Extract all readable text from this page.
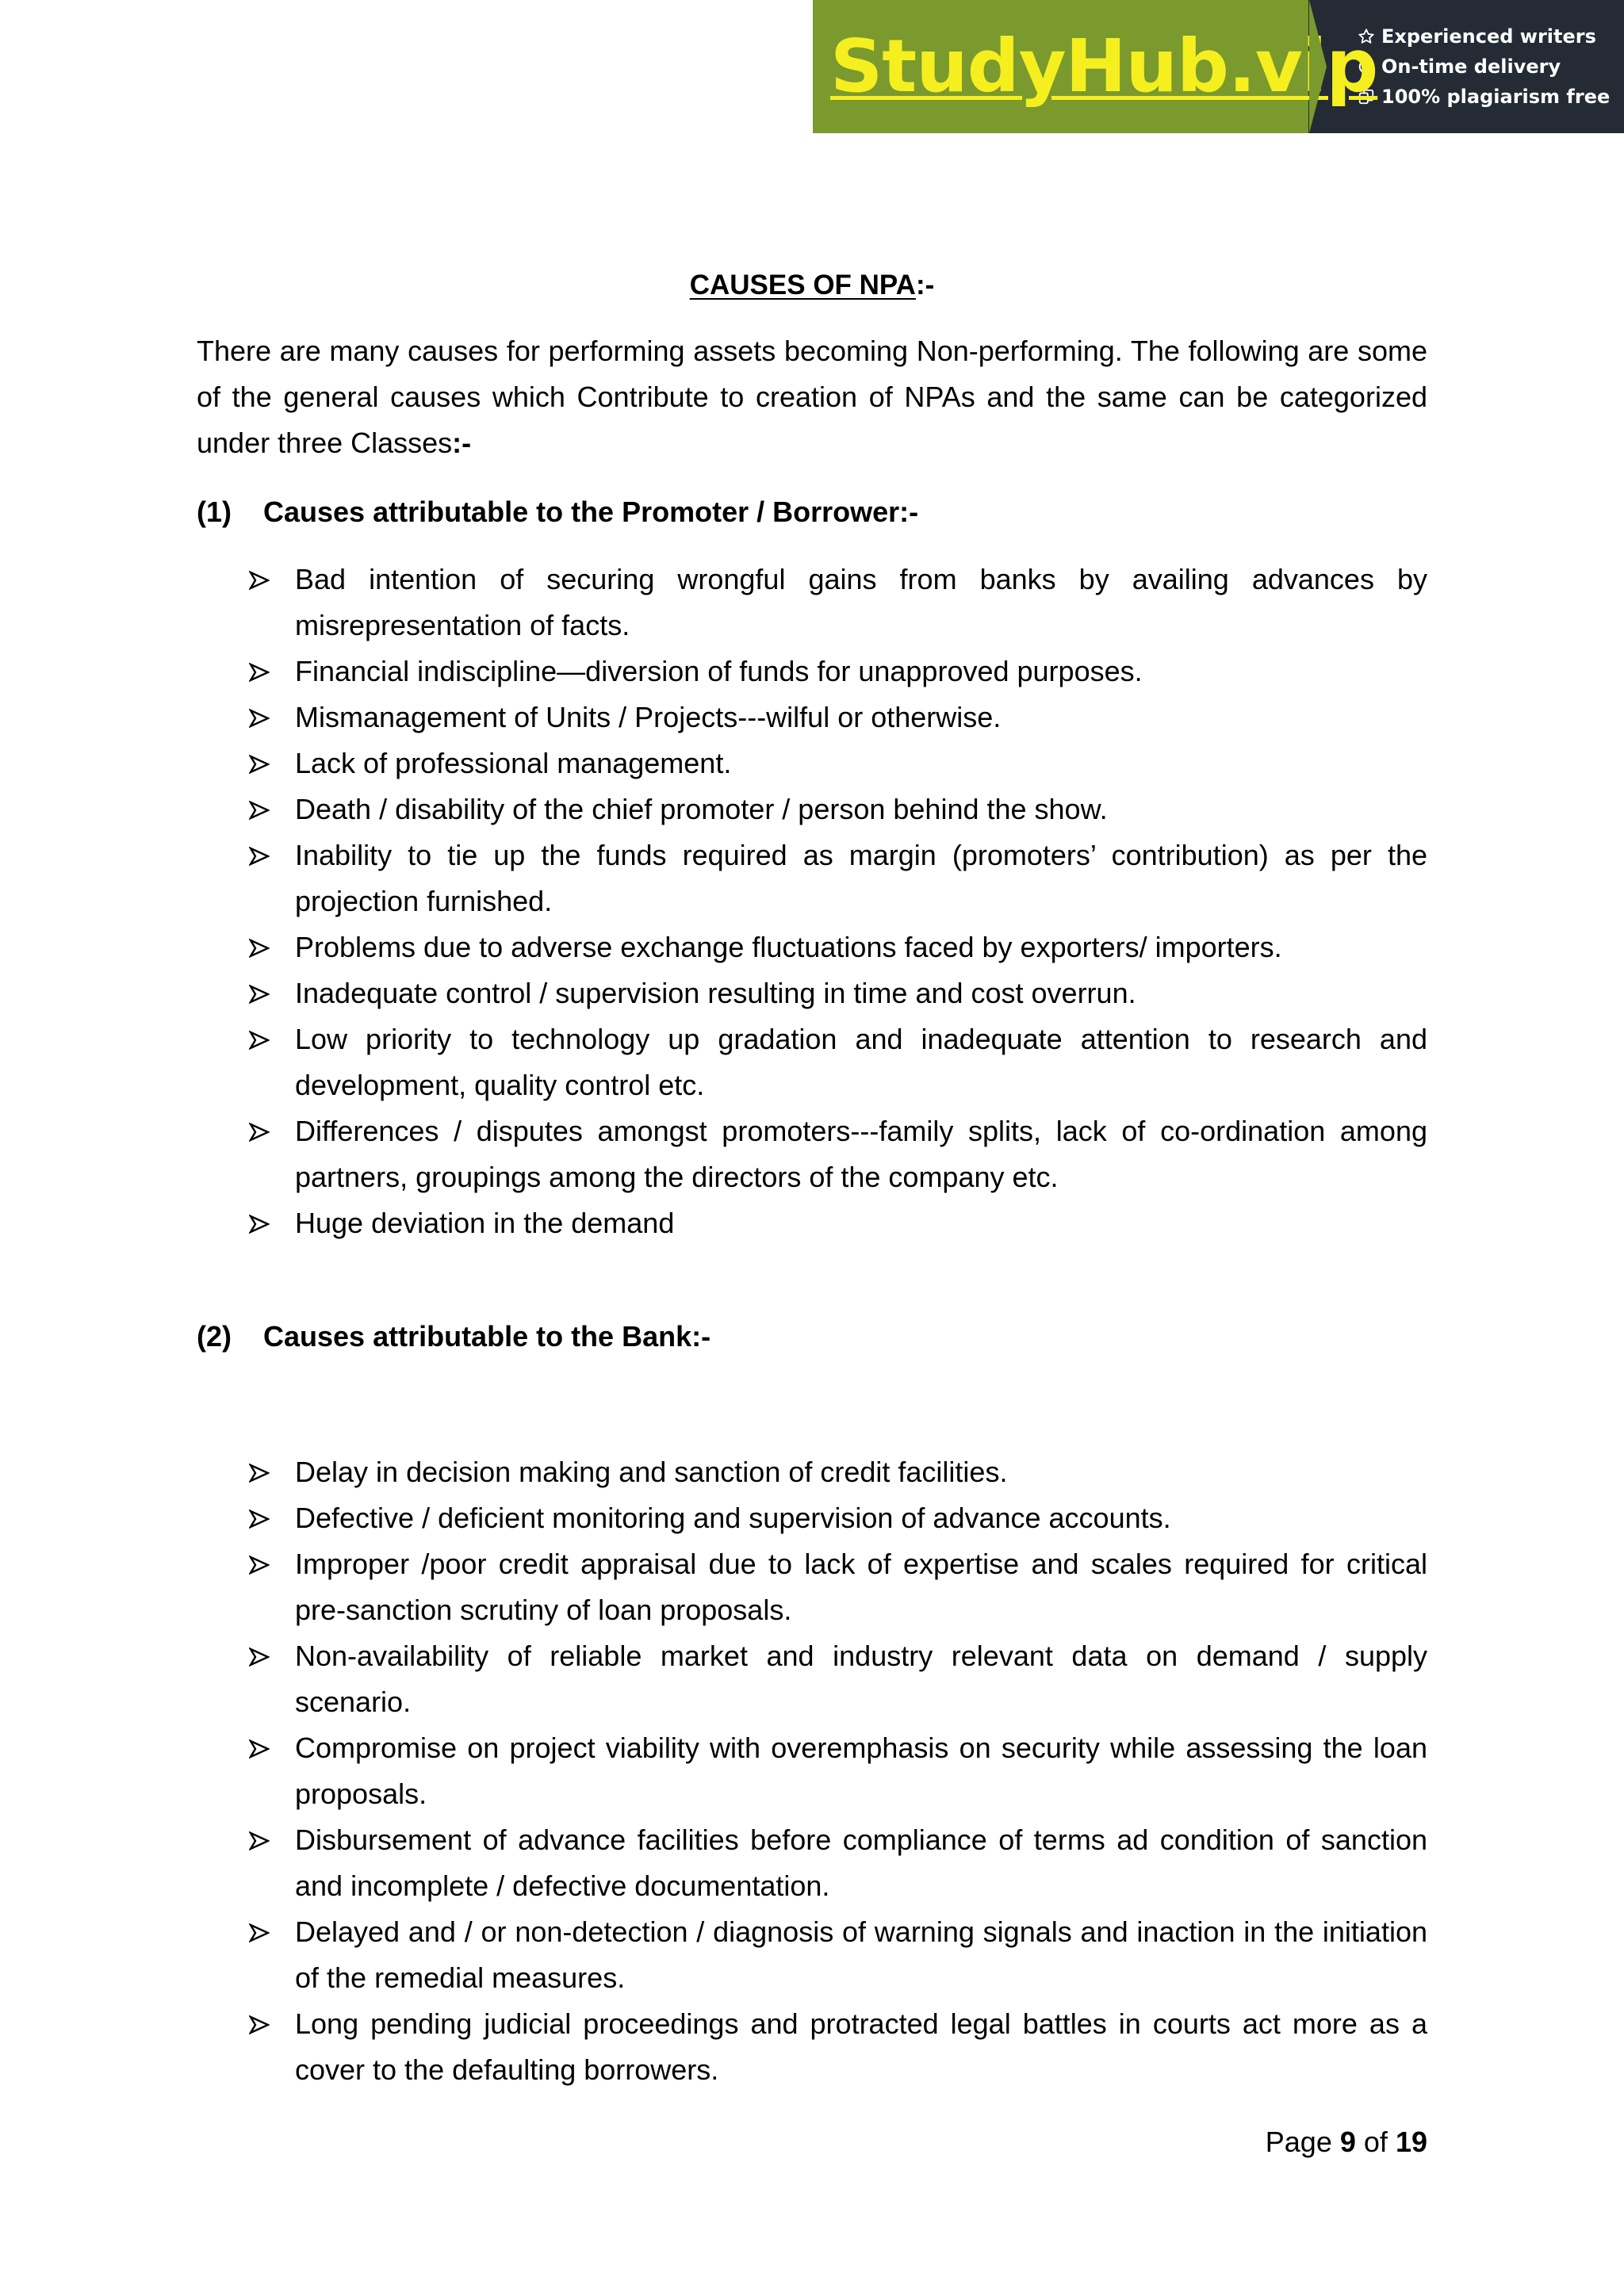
StudyHub.vip Experienced writers
On-time delivery
100% plagiarism free
CAUSES OF NPA:-
There are many causes for performing assets becoming Non-performing. The following are some of the general causes which Contribute to creation of NPAs and the same can be categorized under three Classes:-
(1) Causes attributable to the Promoter / Borrower:-
Bad intention of securing wrongful gains from banks by availing advances by misrepresentation of facts.
Financial indiscipline—diversion of funds for unapproved purposes.
Mismanagement of Units / Projects---wilful or otherwise.
Lack of professional management.
Death / disability of the chief promoter / person behind the show.
Inability to tie up the funds required as margin (promoters’ contribution) as per the projection furnished.
Problems due to adverse exchange fluctuations faced by exporters/ importers.
Inadequate control / supervision resulting in time and cost overrun.
Low priority to technology up gradation and inadequate attention to research and development, quality control etc.
Differences / disputes amongst promoters---family splits, lack of co-ordination among partners, groupings among the directors of the company etc.
Huge deviation in the demand
(2) Causes attributable to the Bank:-
Delay in decision making and sanction of credit facilities.
Defective / deficient monitoring and supervision of advance accounts.
Improper /poor credit appraisal due to lack of expertise and scales required for critical pre-sanction scrutiny of loan proposals.
Non-availability of reliable market and industry relevant data on demand / supply scenario.
Compromise on project viability with overemphasis on security while assessing the loan proposals.
Disbursement of advance facilities before compliance of terms ad condition of sanction and incomplete / defective documentation.
Delayed and / or non-detection / diagnosis of warning signals and inaction in the initiation of the remedial measures.
Long pending judicial proceedings and protracted legal battles in courts act more as a cover to the defaulting borrowers.
Page 9 of 19
